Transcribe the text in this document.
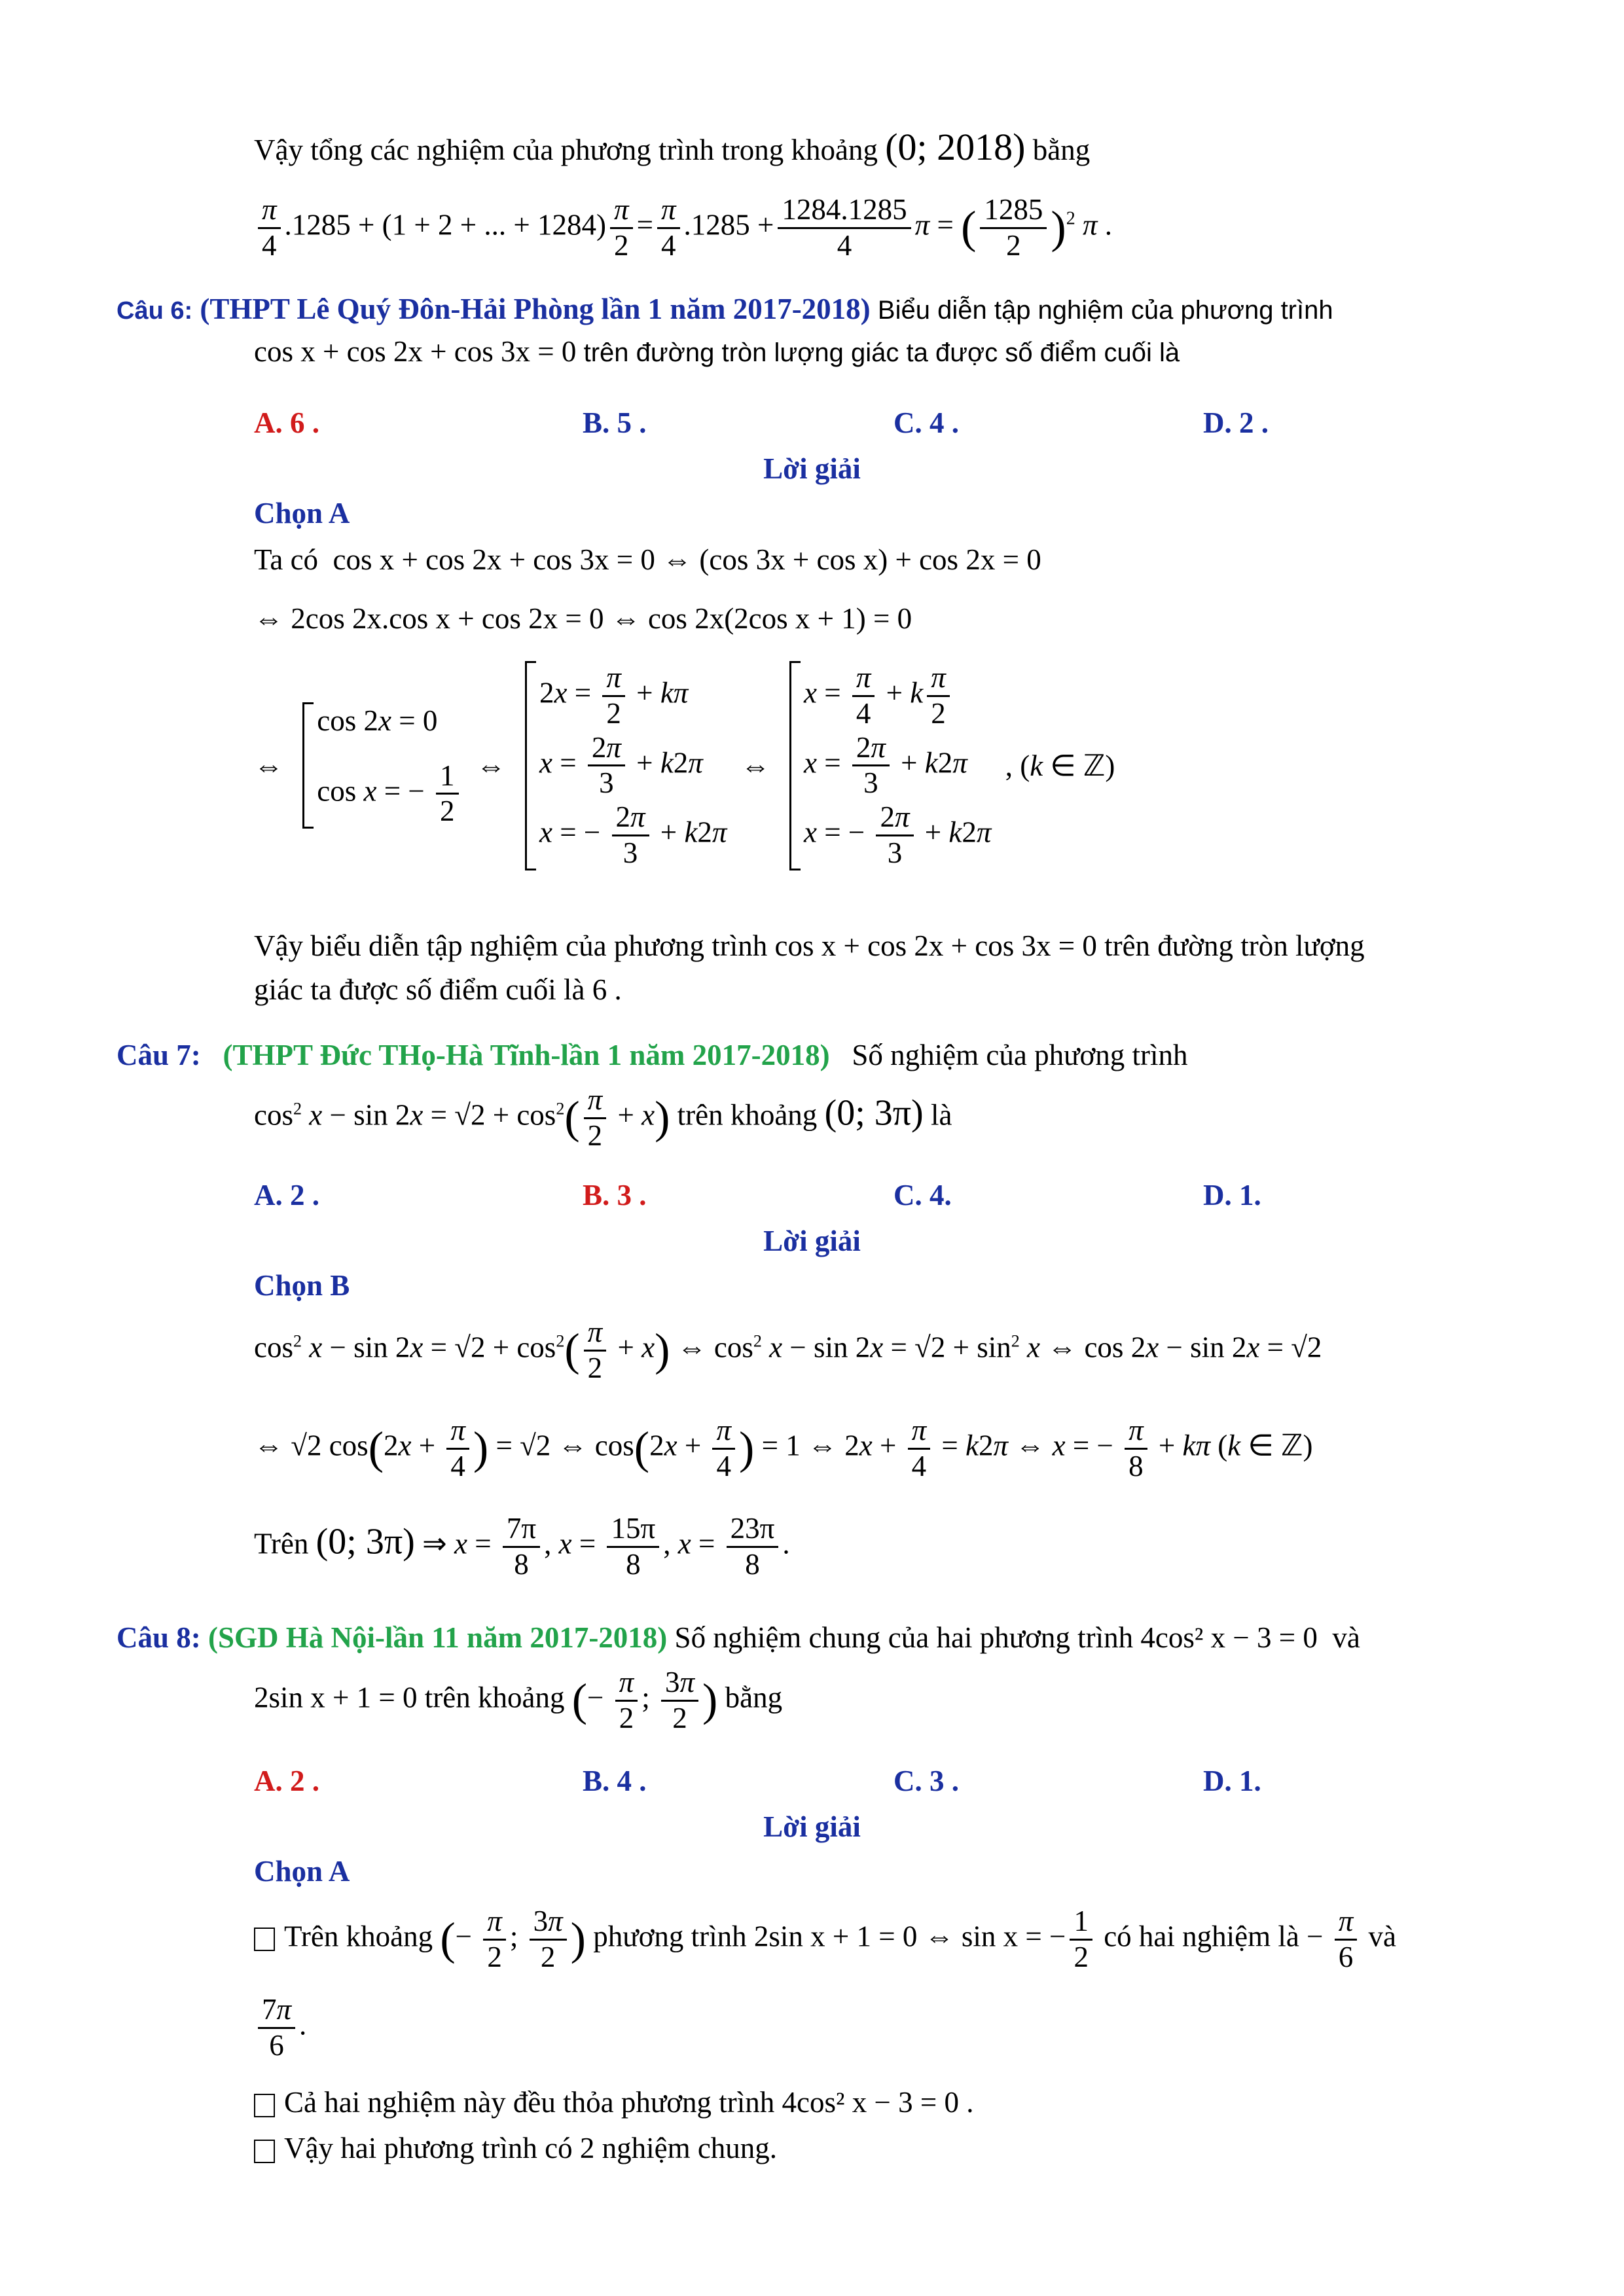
Vậy tổng các nghiệm của phương trình trong khoảng (0; 2018) bằng
$\frac{\pi}{4} .1285 + (1 + 2$ + ... + $1284) \frac{\pi}{2} = \frac{\pi}{4} .1285 + \frac{1284.1285}{4}$ π = ( $\frac{1285}{2} )^2$ π .
Câu 6: (THPT Lê Quý Đôn-Hải Phòng lần 1 năm 2017-2018) Biểu diễn tập nghiệm của phương trình
cos x + cos 2x + cos 3x = 0 trên đường tròn lượng giác ta được số điểm cuối là
A. 6 .	B. 5 .	C. 4 .	D. 2 .
Lời giải
Chọn A
Ta có cos x + cos 2x + cos 3x = 0 ⇔ (cos 3x + cos x) + cos 2x = 0
⇔ 2cos 2x.cos x + cos 2x = 0 ⇔ cos 2x(2cos x + 1) = 0
⇔
cos 2x = 0
cos x = − $\frac{1}{2}$ ⇔
$2x = \frac{\pi}{2} + k\pi$
$x = \frac{2\pi}{3} + k2\pi$
x = − $\frac{2\pi}{3} + k2\pi$
⇔
$x = \frac{\pi}{4} + k \frac{\pi}{2}$
$x = \frac{2\pi}{3} + k2\pi$
x = − $\frac{2\pi}{3} + k2\pi$
, (k ∈ ℤ)
Vậy biểu diễn tập nghiệm của phương trình cos x + cos 2x + cos 3x = 0 trên đường tròn lượng
giác ta được số điểm cuối là 6 .
Câu 7: (THPT Đức THọ-Hà Tĩnh-lần 1 năm 2017-2018) Số nghiệm của phương trình
$\cos^2 x - \sin 2x = √2 + \cos^2( \frac{\pi}{2} + x)$ trên khoảng (0; 3π) là
A. 2 .	B. 3 .	C. 4.	D. 1.
Lời giải
Chọn B
$\cos^2 x - \sin 2x = √2 + \cos^2( \frac{\pi}{2} + x)$ ⇔ $\cos^2 x - \sin 2x = √2 + \sin^2 x$ ⇔ cos 2x − sin 2x = √2
⇔ √2 $\cos(2x + \frac{\pi}{4}$ ) = √2 ⇔ $\cos(2x + \frac{\pi}{4}$ ) = 1 ⇔ $2x + \frac{\pi}{4} = k2\pi$ ⇔ x = − $\frac{\pi}{8} + k\pi$ (k ∈ ℤ)
Trên (0; 3π) ⇒ $x = \frac{7\pi}{8}$ , $x = \frac{15\pi}{8}$ , $x = \frac{23\pi}{8}$ .
Câu 8: (SGD Hà Nội-lần 11 năm 2017-2018) Số nghiệm chung của hai phương trình 4cos² x − 3 = 0 và
2sin x + 1 = 0 trên khoảng (− $\frac{\pi}{2}$ ; $\frac{3\pi}{2}$ ) bằng
A. 2 .	B. 4 .	C. 3 .	D. 1.
Lời giải
Chọn A
Trên khoảng (− $\frac{\pi}{2}$ ; $\frac{3\pi}{2}$ ) phương trình 2sin x + 1 = 0 ⇔ sin x = − $\frac{1}{2}$ có hai nghiệm là − $\frac{\pi}{6}$ và
$\frac{7\pi}{6}$ .
Cả hai nghiệm này đều thỏa phương trình 4cos² x − 3 = 0 .
Vậy hai phương trình có 2 nghiệm chung.
